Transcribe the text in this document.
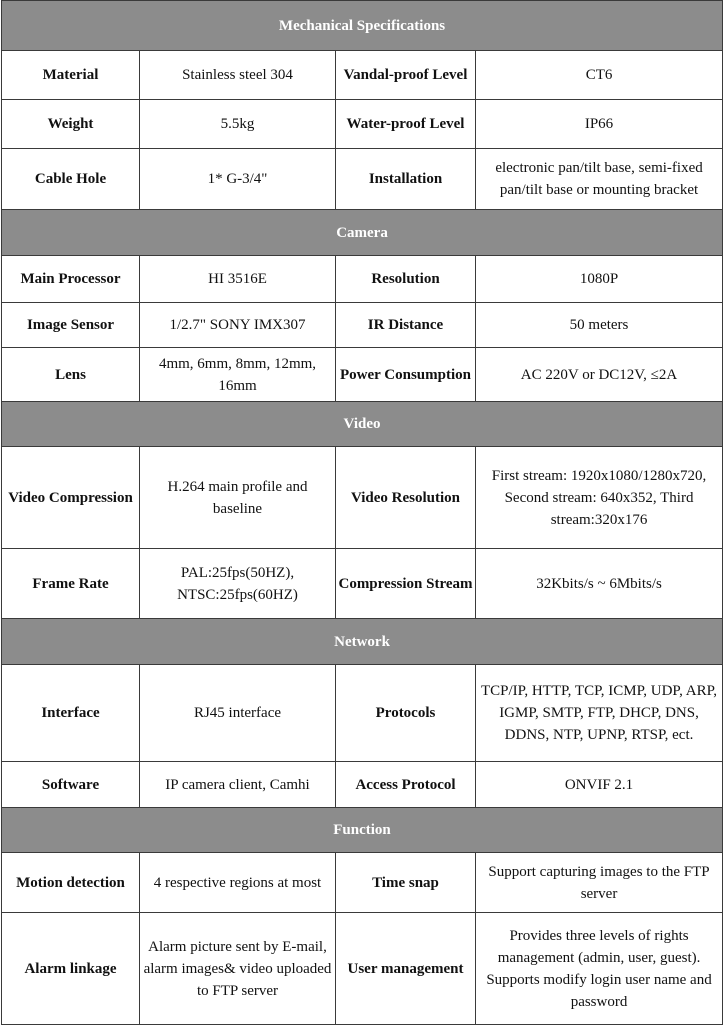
Mechanical Specifications			
Material	Stainless steel 304	Vandal-proof Level	CT6
Weight	5.5kg	Water-proof Level	IP66
Cable Hole	1* G-3/4"	Installation	electronic pan/tilt base, semi-fixed pan/tilt base or mounting bracket
Camera			
Main Processor	HI 3516E	Resolution	1080P
Image Sensor	1/2.7" SONY IMX307	IR Distance	50 meters
Lens	4mm, 6mm, 8mm, 12mm, 16mm	Power Consumption	AC 220V or DC12V, ≤2A
Video			
Video Compression	H.264 main profile and baseline	Video Resolution	First stream: 1920x1080/1280x720, Second stream: 640x352, Third stream:320x176
Frame Rate	PAL:25fps(50HZ), NTSC:25fps(60HZ)	Compression Stream	32Kbits/s ~ 6Mbits/s
Network			
Interface	RJ45 interface	Protocols	TCP/IP, HTTP, TCP, ICMP, UDP, ARP, IGMP, SMTP, FTP, DHCP, DNS, DDNS, NTP, UPNP, RTSP, ect.
Software	IP camera client, Camhi	Access Protocol	ONVIF 2.1
Function			
Motion detection	4 respective regions at most	Time snap	Support capturing images to the FTP server
Alarm linkage	Alarm picture sent by E-mail, alarm images& video uploaded to FTP server	User management	Provides three levels of rights management (admin, user, guest). Supports modify login user name and password
